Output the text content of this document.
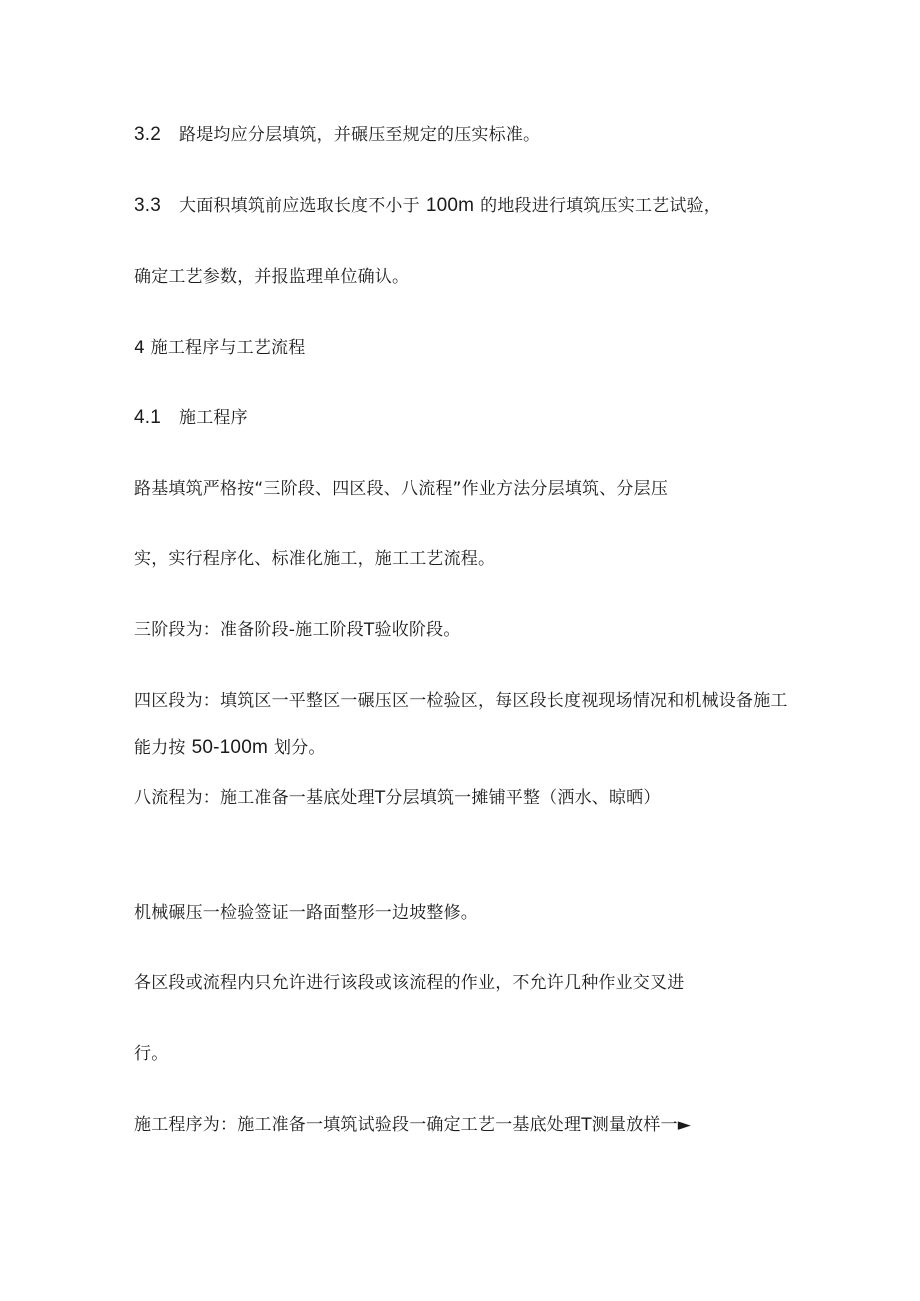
3.2 路堤均应分层填筑，并碾压至规定的压实标准。
3.3 大面积填筑前应选取长度不小于 100m 的地段进行填筑压实工艺试验，
确定工艺参数，并报监理单位确认。
4 施工程序与工艺流程
4.1 施工程序
路基填筑严格按“三阶段、四区段、八流程”作业方法分层填筑、分层压
实，实行程序化、标准化施工，施工工艺流程。
三阶段为：准备阶段-施工阶段T验收阶段。
四区段为：填筑区一平整区一碾压区一检验区，每区段长度视现场情况和机械设备施工
能力按 50-100m 划分。
八流程为：施工准备一基底处理T分层填筑一摊铺平整（洒水、晾晒）
机械碾压一检验签证一路面整形一边坡整修。
各区段或流程内只允许进行该段或该流程的作业，不允许几种作业交叉进
行。
施工程序为：施工准备一填筑试验段一确定工艺一基底处理T测量放样一►
